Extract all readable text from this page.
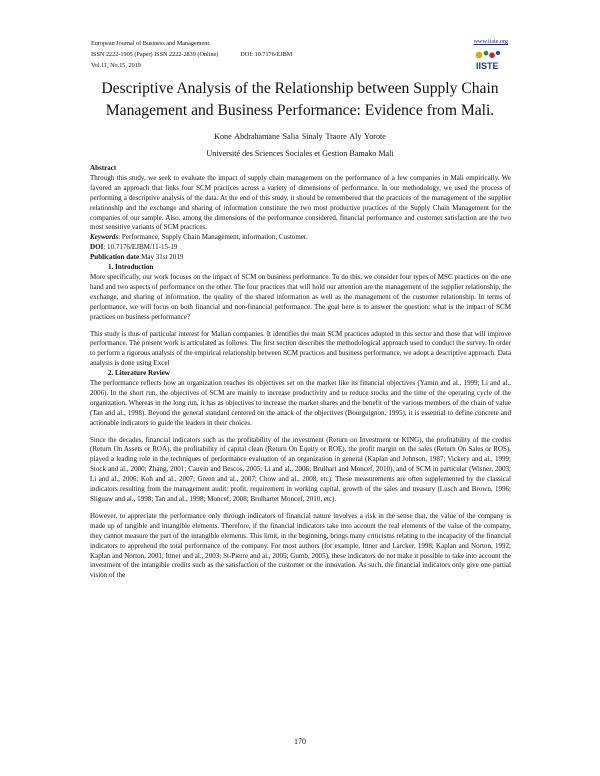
European Journal of Business and Management
ISSN 2222-1905 (Paper) ISSN 2222-2839 (Online)	DOI: 10.7176/EJBM
Vol.11, No.15, 2019
www.iiste.org
IISTE
Descriptive Analysis of the Relationship between Supply Chain Management and Business Performance: Evidence from Mali.
Kone Abdrahamane Salia Sinaly Traore Aly Yorote
Université des Sciences Sociales et Gestion Bamako Mali

Abstract

Through this study, we seek to evaluate the impact of supply chain management on the performance of a few companies in Mali empirically. We favored an approach that links four SCM practices across a variety of dimensions of performance. In our methodology, we used the process of performing a descriptive analysis of the data. At the end of this study, it should be remembered that the practices of the management of the supplier relationship and the exchange and sharing of information constitute the two most productive practices of the Supply Chain Management for the companies of our sample. Also, among the dimensions of the performance considered, financial performance and customer satisfaction are the two most sensitive variants of SCM practices.

Keywords: Performance, Supply Chain Management, information, Customer.

DOI: 10.7176/EJBM/11-15-19

Publication date:May 31st 2019

1. Introduction

More specifically, our work focuses on the impact of SCM on business performance. To do this, we consider four types of MSC practices on the one hand and two aspects of performance on the other. The four practices that will hold our attention are the management of the supplier relationship, the exchange, and sharing of information, the quality of the shared information as well as the management of the customer relationship. In terms of performance, we will focus on both financial and non-financial performance. The goal here is to answer the question: what is the impact of SCM practices on business performance?

This study is thus of particular interest for Malian companies. It identifies the main SCM practices adopted in this sector and those that will improve performance. The present work is articulated as follows. The first section describes the methodological approach used to conduct the survey. In order to perform a rigorous analysis of the empirical relationship between SCM practices and business performance, we adopt a descriptive approach. Data analysis is done using Excel

2. Literature Review

The performance reflects how an organization reaches its objectives set on the market like its financial objectives (Yamin and al., 1999; Li and al., 2006). In the short run, the objectives of SCM are mainly to increase productivity and to reduce stocks and the time of the operating cycle of the organization. Whereas in the long run, it has as objectives to increase the market shares and the benefit of the various members of the chain of value (Tan and al., 1998). Beyond the general standard centered on the attack of the objectives (Bourguignon, 1995), it is essential to define concrete and actionable indicators to guide the leaders in their choices.

Since the decades, financial indicators such as the profitability of the investment (Return on Investment or KING), the profitability of the credits (Return On Assets or ROA), the profitability of capital clean (Return On Equity or ROE), the profit margin on the sales (Return On Sales or ROS), played a leading role in the techniques of performance evaluation of an organization in general (Kaplan and Johnson, 1987; Vickery and al., 1999; Stock and al., 2000; Zhang, 2001; Cauvin and Bescos, 2005; Li and al., 2006; Brulhart and Moncef, 2010), and of SCM in particular (Wisner, 2003; Li and al., 2006; Koh and al., 2007; Green and al., 2007; Chow and al., 2008, etc). These measurements are often supplemented by the classical indicators resulting from the management audit: profit, requirement in working capital, growth of the sales and treasury (Lusch and Brown, 1996; Sliguaw and al., 1998; Tan and al., 1998; Moncef, 2008; Brulhartet Moncef, 2010, etc).

However, to appreciate the performance only through indicators of financial nature involves a risk in the sense that, the value of the company is made up of tangible and intangible elements. Therefore, if the financial indicators take into account the real elements of the value of the company, they cannot measure the part of the intangible elements. This limit, in the beginning, brings many criticisms relating to the incapacity of the financial indicators to apprehend the total performance of the company. For most authors (for example, Ittner and Larcker, 1998; Kaplan and Norton, 1992; Kaplan and Norton, 2001; Ittner and al., 2003; St-Pierre and al., 2005; Gumb, 2005), these indicators do not make it possible to take into account the investment of the intangible credits such as the satisfaction of the customer or the innovation. As such, the financial indicators only give one partial vision of the

170
